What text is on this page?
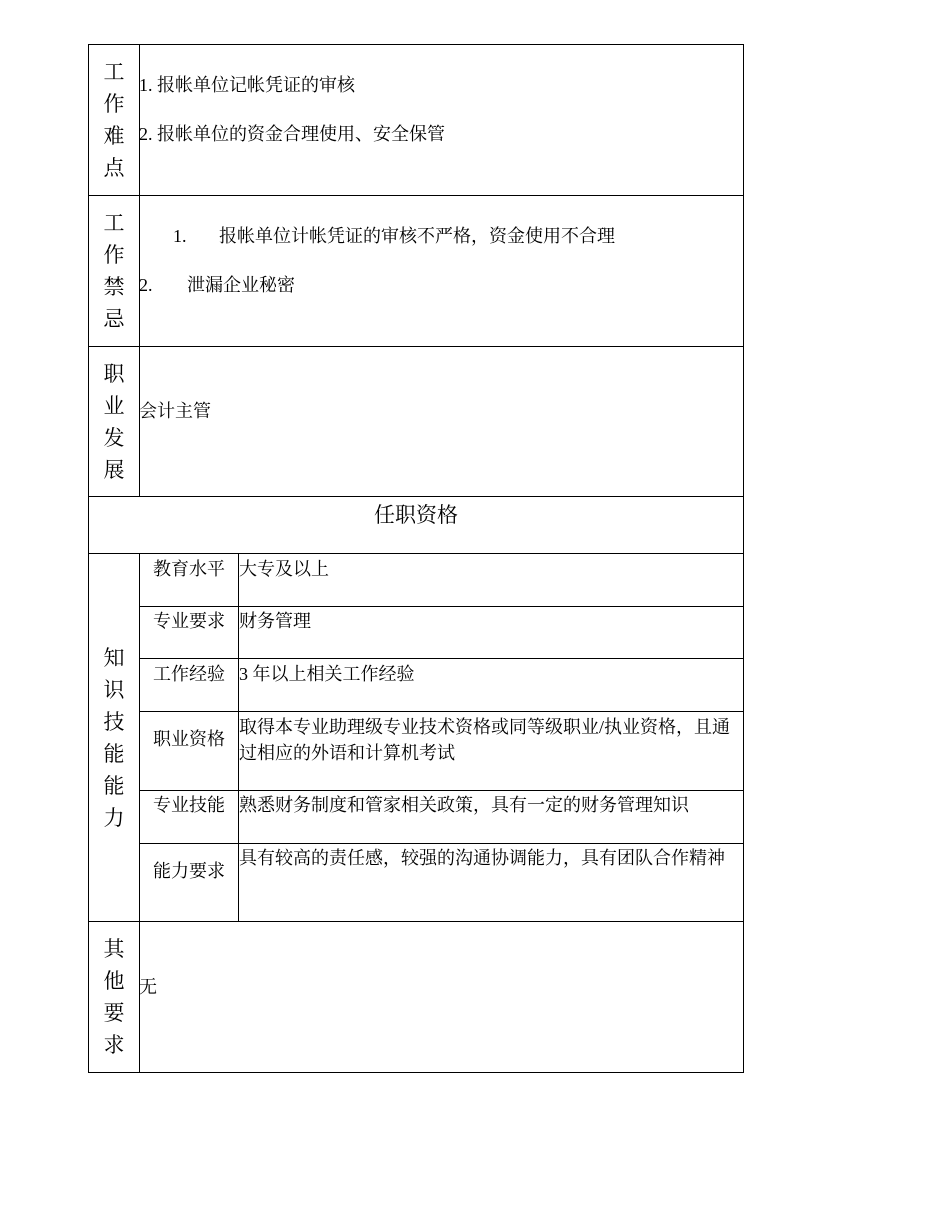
工作难点
1. 报帐单位记帐凭证的审核
2. 报帐单位的资金合理使用、安全保管
工作禁忌
1. 报帐单位计帐凭证的审核不严格，资金使用不合理
2. 泄漏企业秘密
职业发展
会计主管
任职资格
知识技能能力
教育水平 大专及以上
专业要求 财务管理
工作经验 3 年以上相关工作经验
职业资格
取得本专业助理级专业技术资格或同等级职业/执业资格，且通过相应的外语和计算机考试
专业技能 熟悉财务制度和管家相关政策，具有一定的财务管理知识
能力要求
具有较高的责任感，较强的沟通协调能力，具有团队合作精神
其他要求
无
